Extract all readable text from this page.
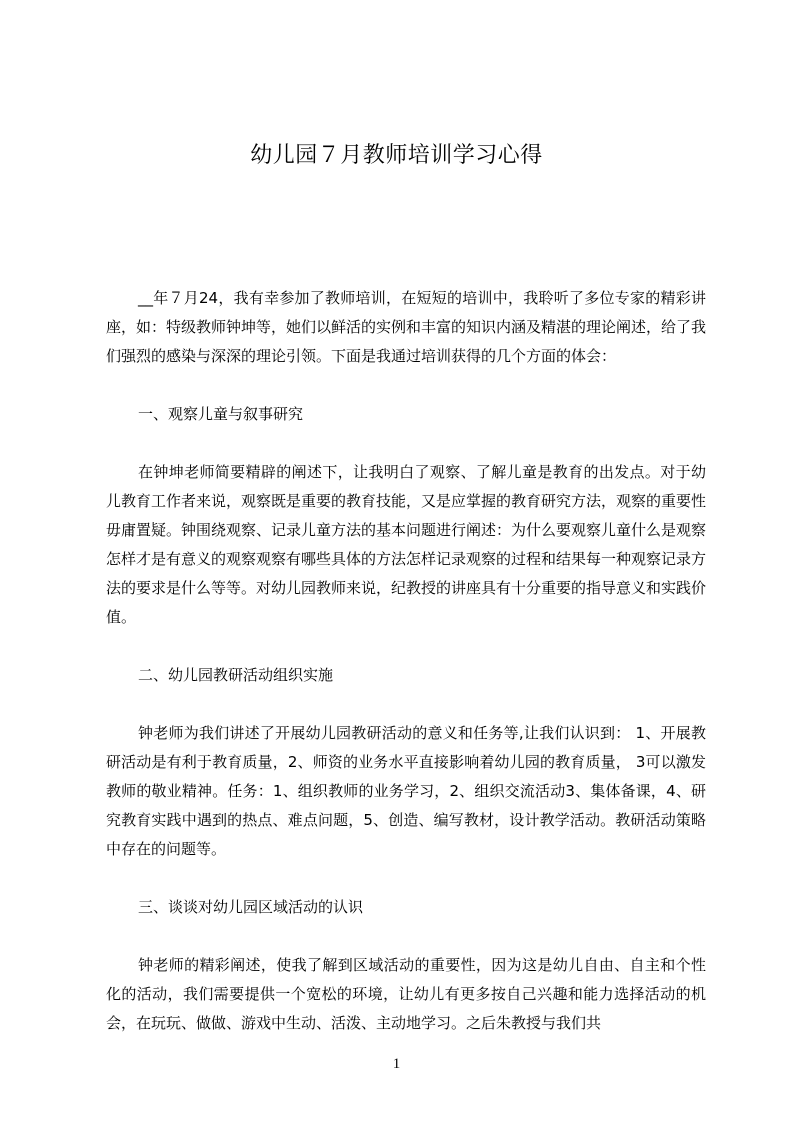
幼儿园７月教师培训学习心得

__年７月24，我有幸参加了教师培训，在短短的培训中，我聆听了多位专家的精彩讲座，如：特级教师钟坤等，她们以鲜活的实例和丰富的知识内涵及精湛的理论阐述，给了我们强烈的感染与深深的理论引领。下面是我通过培训获得的几个方面的体会：

一、观察儿童与叙事研究

在钟坤老师简要精辟的阐述下，让我明白了观察、了解儿童是教育的出发点。对于幼儿教育工作者来说，观察既是重要的教育技能，又是应掌握的教育研究方法，观察的重要性毋庸置疑。钟围绕观察、记录儿童方法的基本问题进行阐述：为什么要观察儿童什么是观察怎样才是有意义的观察观察有哪些具体的方法怎样记录观察的过程和结果每一种观察记录方法的要求是什么等等。对幼儿园教师来说，纪教授的讲座具有十分重要的指导意义和实践价值。

二、幼儿园教研活动组织实施

钟老师为我们讲述了开展幼儿园教研活动的意义和任务等,让我们认识到： 1、开展教研活动是有利于教育质量，2、师资的业务水平直接影响着幼儿园的教育质量， 3可以激发教师的敬业精神。任务：1、组织教师的业务学习，2、组织交流活动3、集体备课，4、研究教育实践中遇到的热点、难点问题，5、创造、编写教材，设计教学活动。教研活动策略中存在的问题等。

三、谈谈对幼儿园区域活动的认识

钟老师的精彩阐述，使我了解到区域活动的重要性，因为这是幼儿自由、自主和个性化的活动，我们需要提供一个宽松的环境，让幼儿有更多按自己兴趣和能力选择活动的机会，在玩玩、做做、游戏中生动、活泼、主动地学习。之后朱教授与我们共

1
